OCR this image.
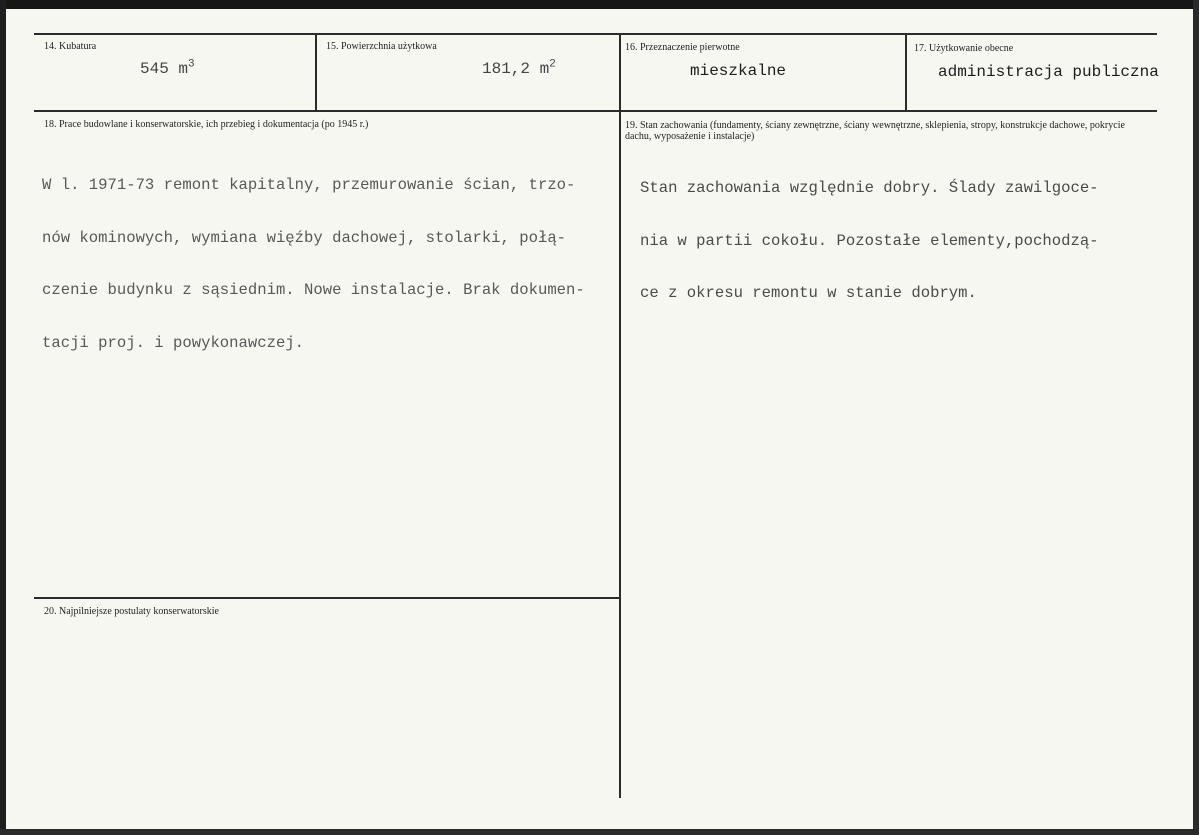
14. Kubatura
545 $m^3$
15. Powierzchnia użytkowa
181,2 $m^2$
16. Przeznaczenie pierwotne
mieszkalne
17. Użytkowanie obecne
administracja publiczna
18. Prace budowlane i konserwatorskie, ich przebieg i dokumentacja (po 1945 r.)

W l. 1971-73 remont kapitalny, przemurowanie ścian, trzo-

nów kominowych, wymiana więźby dachowej, stolarki, połą-

czenie budynku z sąsiednim. Nowe instalacje. Brak dokumen-

tacji proj. i powykonawczej.

19. Stan zachowania (fundamenty, ściany zewnętrzne, ściany wewnętrzne, sklepienia, stropy, konstrukcje dachowe, pokrycie dachu, wyposażenie i instalacje)

Stan zachowania względnie dobry. Ślady zawilgoce-

nia w partii cokołu. Pozostałe elementy,pochodzą-

ce z okresu remontu w stanie dobrym.

20. Najpilniejsze postulaty konserwatorskie
